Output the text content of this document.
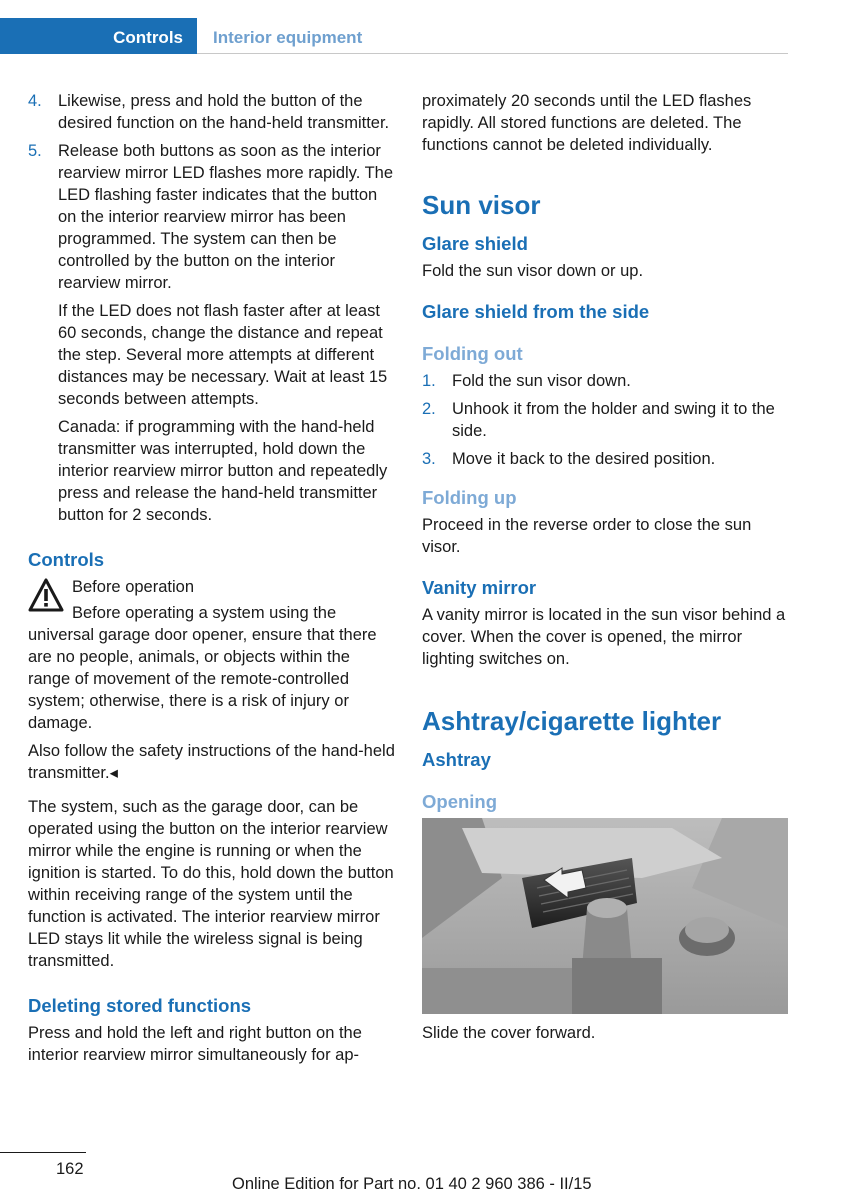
Controls	Interior equipment
4. Likewise, press and hold the button of the desired function on the hand-held transmitter.
5. Release both buttons as soon as the interior rearview mirror LED flashes more rapidly. The LED flashing faster indicates that the button on the interior rearview mirror has been programmed. The system can then be controlled by the button on the interior rearview mirror.

If the LED does not flash faster after at least 60 seconds, change the distance and repeat the step. Several more attempts at different distances may be necessary. Wait at least 15 seconds between attempts.

Canada: if programming with the hand-held transmitter was interrupted, hold down the interior rearview mirror button and repeatedly press and release the hand-held transmitter button for 2 seconds.

Controls
Before operation

Before operating a system using the universal garage door opener, ensure that there are no people, animals, or objects within the range of movement of the remote-controlled system; otherwise, there is a risk of injury or damage.

Also follow the safety instructions of the hand-held transmitter.◂

The system, such as the garage door, can be operated using the button on the interior rearview mirror while the engine is running or when the ignition is started. To do this, hold down the button within receiving range of the system until the function is activated. The interior rearview mirror LED stays lit while the wireless signal is being transmitted.

Deleting stored functions

Press and hold the left and right button on the interior rearview mirror simultaneously for ap-

proximately 20 seconds until the LED flashes rapidly. All stored functions are deleted. The functions cannot be deleted individually.

Sun visor
Glare shield

Fold the sun visor down or up.

Glare shield from the side
Folding out
1. Fold the sun visor down.
2. Unhook it from the holder and swing it to the side.
3. Move it back to the desired position.
Folding up

Proceed in the reverse order to close the sun visor.

Vanity mirror

A vanity mirror is located in the sun visor behind a cover. When the cover is opened, the mirror lighting switches on.

Ashtray/cigarette lighter
Ashtray
Opening

Slide the cover forward.

162
Online Edition for Part no. 01 40 2 960 386 - II/15
